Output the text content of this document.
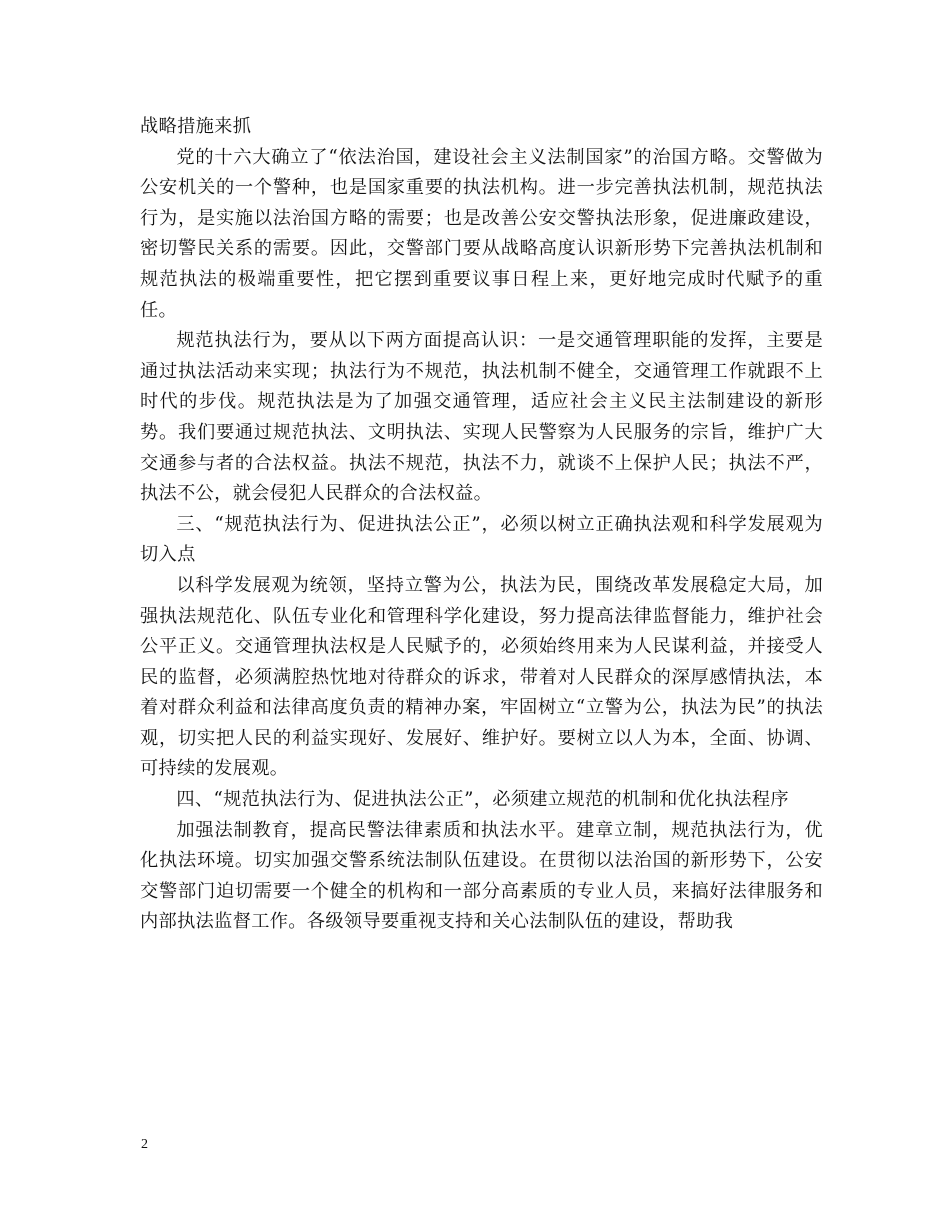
战略措施来抓

党的十六大确立了“依法治国，建设社会主义法制国家”的治国方略。交警做为公安机关的一个警种，也是国家重要的执法机构。进一步完善执法机制，规范执法行为，是实施以法治国方略的需要；也是改善公安交警执法形象，促进廉政建设，密切警民关系的需要。因此，交警部门要从战略高度认识新形势下完善执法机制和规范执法的极端重要性，把它摆到重要议事日程上来，更好地完成时代赋予的重任。

规范执法行为，要从以下两方面提高认识：一是交通管理职能的发挥，主要是通过执法活动来实现；执法行为不规范，执法机制不健全，交通管理工作就跟不上时代的步伐。规范执法是为了加强交通管理，适应社会主义民主法制建设的新形势。我们要通过规范执法、文明执法、实现人民警察为人民服务的宗旨，维护广大交通参与者的合法权益。执法不规范，执法不力，就谈不上保护人民；执法不严，执法不公，就会侵犯人民群众的合法权益。

三、“规范执法行为、促进执法公正”，必须以树立正确执法观和科学发展观为切入点

以科学发展观为统领，坚持立警为公，执法为民，围绕改革发展稳定大局，加强执法规范化、队伍专业化和管理科学化建设，努力提高法律监督能力，维护社会公平正义。交通管理执法权是人民赋予的，必须始终用来为人民谋利益，并接受人民的监督，必须满腔热忱地对待群众的诉求，带着对人民群众的深厚感情执法，本着对群众利益和法律高度负责的精神办案，牢固树立“立警为公，执法为民”的执法观，切实把人民的利益实现好、发展好、维护好。要树立以人为本，全面、协调、可持续的发展观。

四、“规范执法行为、促进执法公正”，必须建立规范的机制和优化执法程序

加强法制教育，提高民警法律素质和执法水平。建章立制，规范执法行为，优化执法环境。切实加强交警系统法制队伍建设。在贯彻以法治国的新形势下，公安交警部门迫切需要一个健全的机构和一部分高素质的专业人员，来搞好法律服务和内部执法监督工作。各级领导要重视支持和关心法制队伍的建设，帮助我

2
